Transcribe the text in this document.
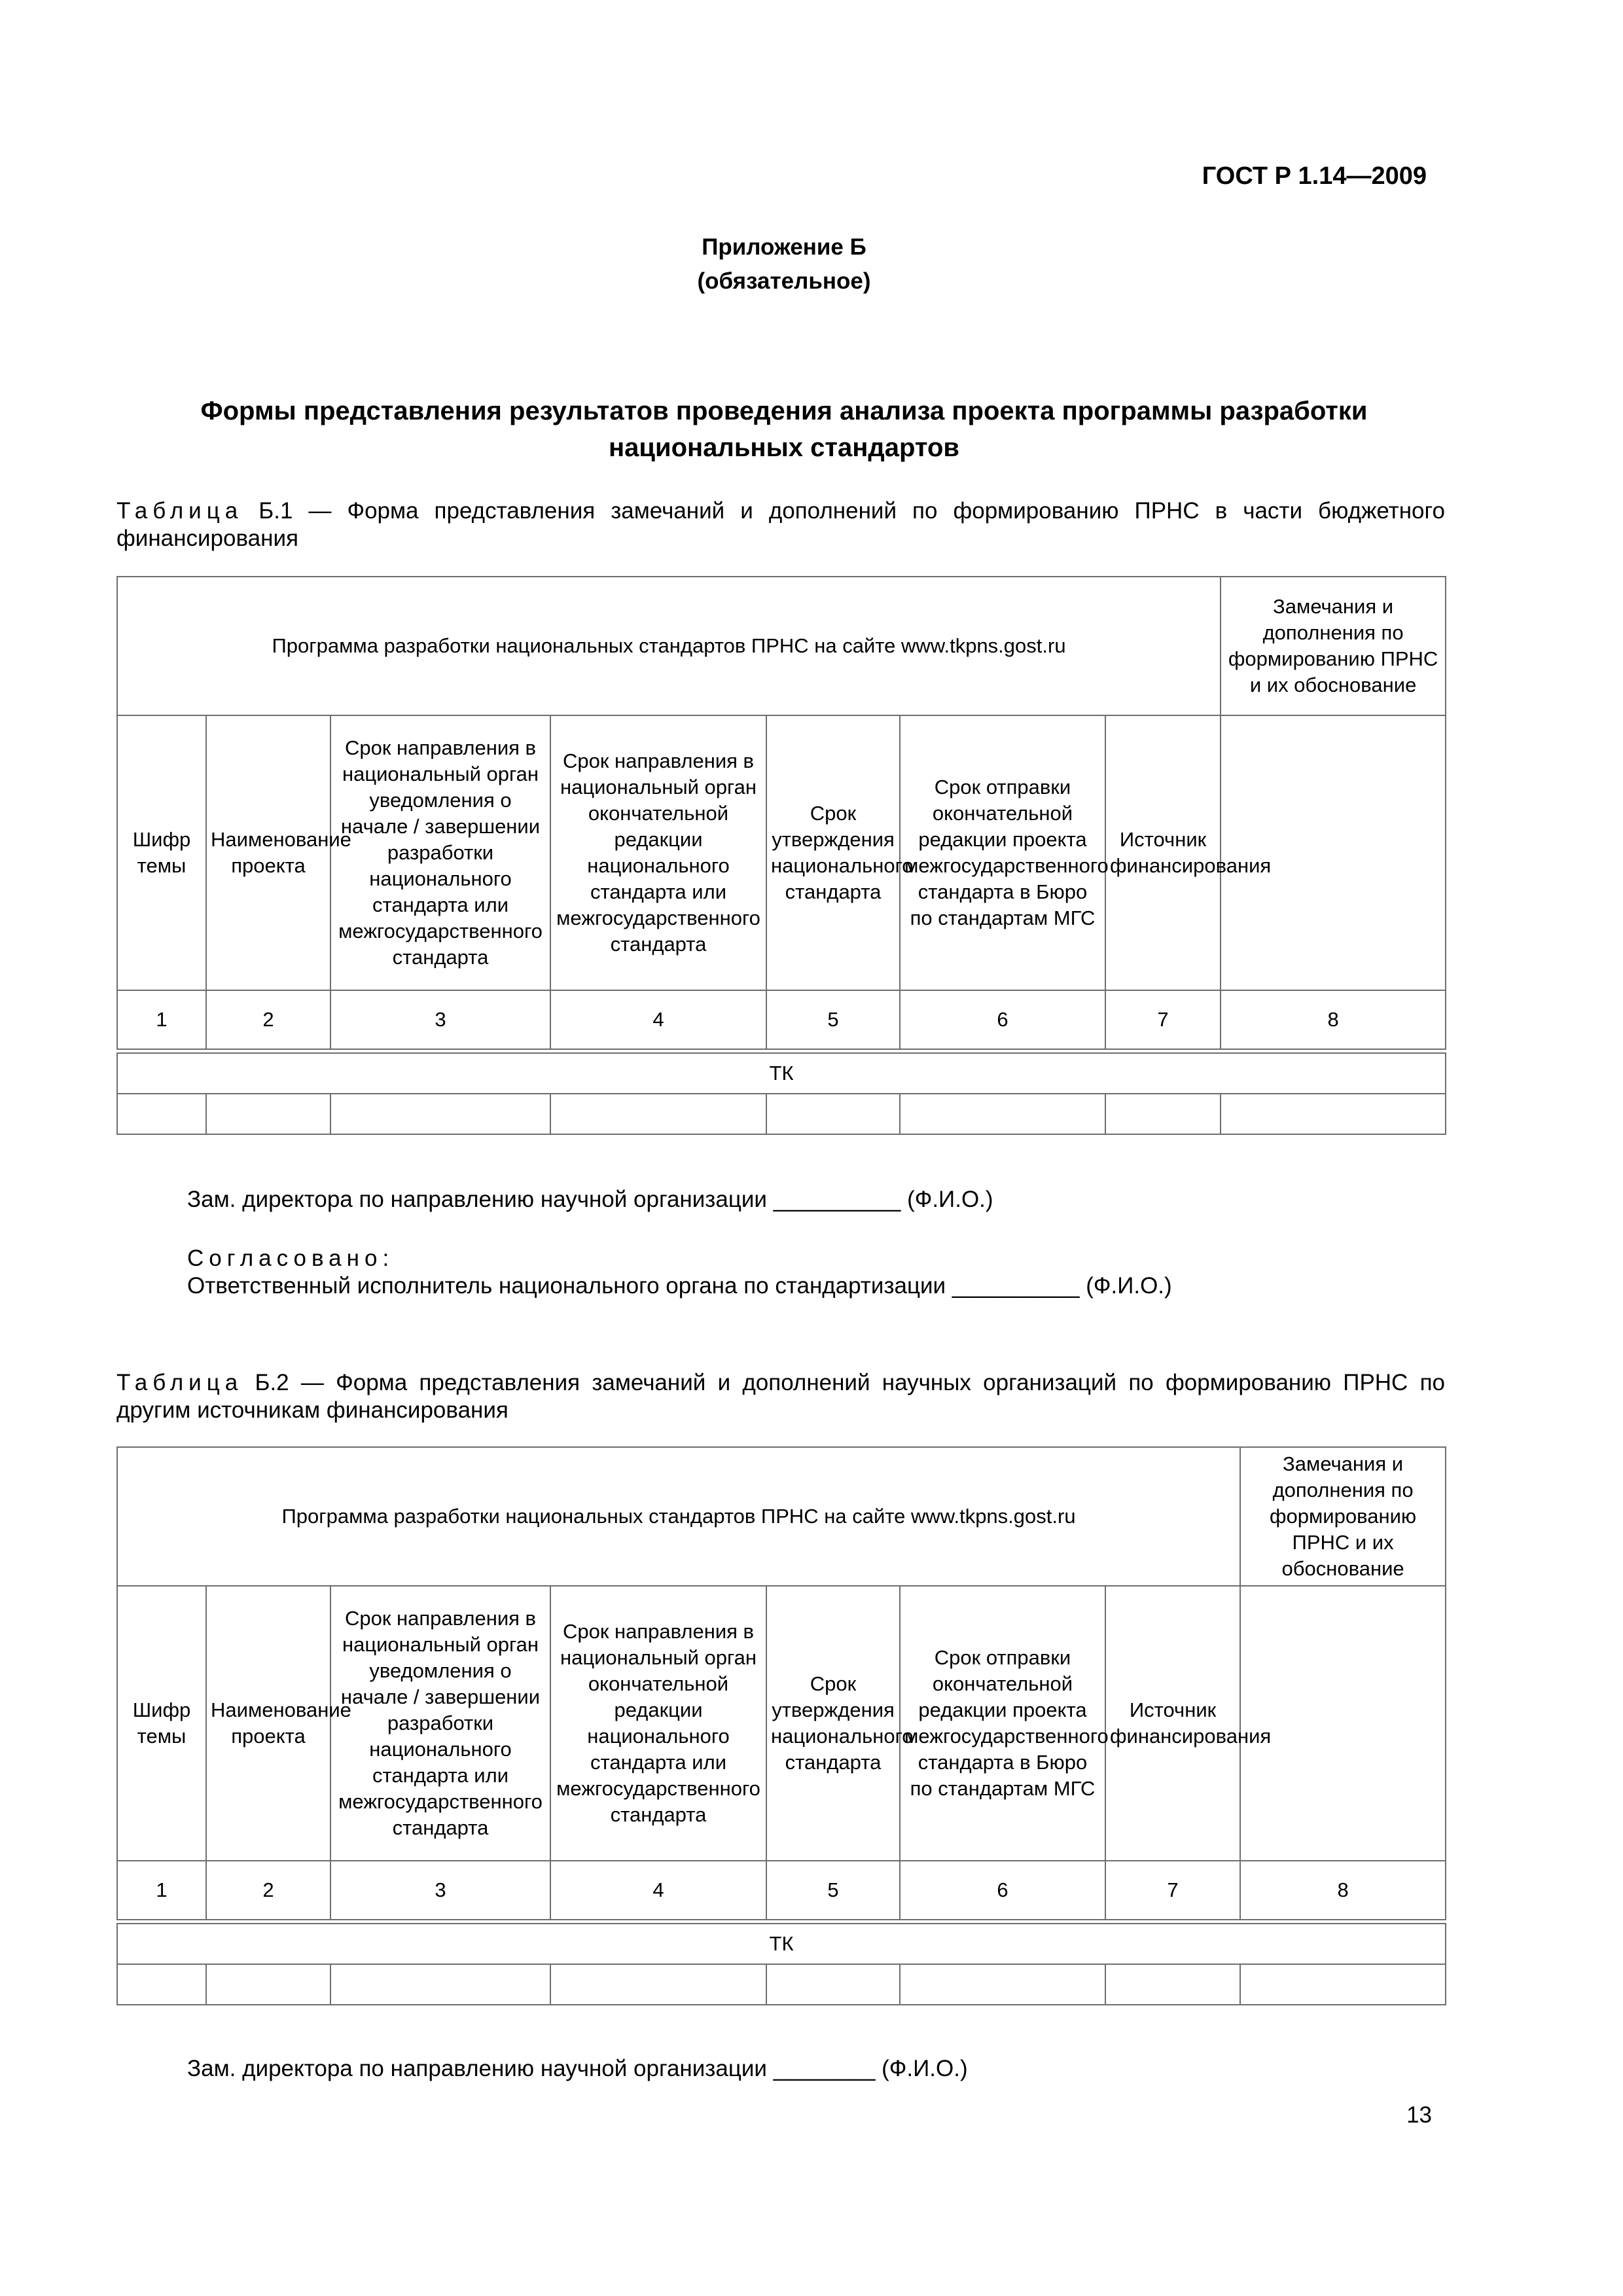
ГОСТ Р 1.14—2009
Приложение Б
(обязательное)
Формы представления результатов проведения анализа проекта программы разработки национальных стандартов
Таблица Б.1 — Форма представления замечаний и дополнений по формированию ПРНС в части бюджетного финансирования
Программа разработки национальных стандартов ПРНС на сайте www.tkpns.gost.ru							Замечания и дополнения по формированию ПРНС и их обоснование
Шифр темы	Наименование проекта	Срок направления в национальный орган уведомления о начале / завершении разработки национального стандарта или межгосударственного стандарта	Срок направления в национальный орган окончательной редакции национального стандарта или межгосударственного стандарта	Срок утверждения национального стандарта	Срок отправки окончательной редакции проекта межгосударственного стандарта в Бюро по стандартам МГС	Источник финансирования	
1	2	3	4	5	6	7	8

ТК							

Зам. директора по направлению научной организации __________ (Ф.И.О.)
Согласовано:
Ответственный исполнитель национального органа по стандартизации __________ (Ф.И.О.)
Таблица Б.2 — Форма представления замечаний и дополнений научных организаций по формированию ПРНС по другим источникам финансирования
Программа разработки национальных стандартов ПРНС на сайте www.tkpns.gost.ru							Замечания и дополнения по формированию ПРНС и их обоснование
Шифр темы	Наименование проекта	Срок направления в национальный орган уведомления о начале / завершении разработки национального стандарта или межгосударственного стандарта	Срок направления в национальный орган окончательной редакции национального стандарта или межгосударственного стандарта	Срок утверждения национального стандарта	Срок отправки окончательной редакции проекта межгосударственного стандарта в Бюро по стандартам МГС	Источник финансирования	
1	2	3	4	5	6	7	8

ТК							

Зам. директора по направлению научной организации ________ (Ф.И.О.)
13
